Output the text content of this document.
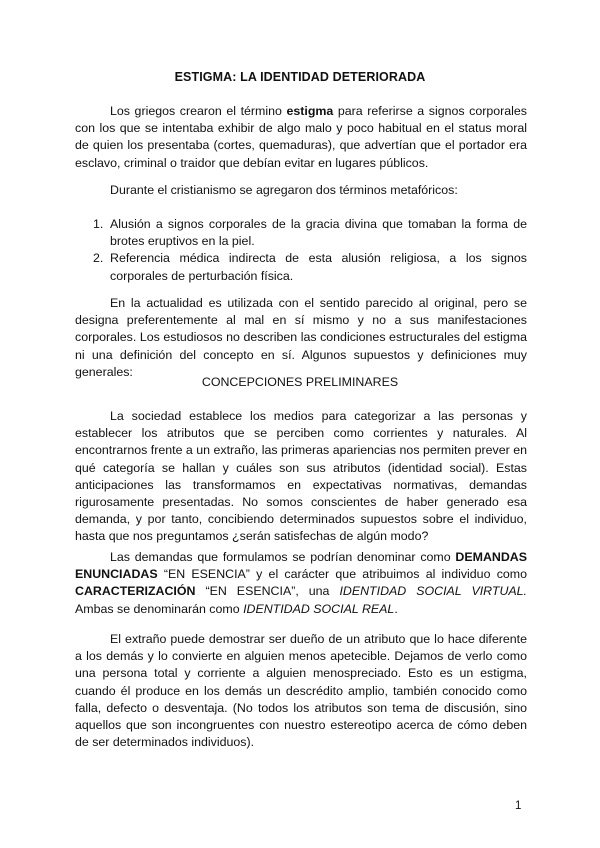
ESTIGMA: LA IDENTIDAD DETERIORADA

Los griegos crearon el término estigma para referirse a signos corporales con los que se intentaba exhibir de algo malo y poco habitual en el status moral de quien los presentaba (cortes, quemaduras), que advertían que el portador era esclavo, criminal o traidor que debían evitar en lugares públicos.

Durante el cristianismo se agregaron dos términos metafóricos:

1. Alusión a signos corporales de la gracia divina que tomaban la forma de brotes eruptivos en la piel.
2. Referencia médica indirecta de esta alusión religiosa, a los signos corporales de perturbación física.

En la actualidad es utilizada con el sentido parecido al original, pero se designa preferentemente al mal en sí mismo y no a sus manifestaciones corporales. Los estudiosos no describen las condiciones estructurales del estigma ni una definición del concepto en sí. Algunos supuestos y definiciones muy generales:

CONCEPCIONES PRELIMINARES

La sociedad establece los medios para categorizar a las personas y establecer los atributos que se perciben como corrientes y naturales. Al encontrarnos frente a un extraño, las primeras apariencias nos permiten prever en qué categoría se hallan y cuáles son sus atributos (identidad social). Estas anticipaciones las transformamos en expectativas normativas, demandas rigurosamente presentadas. No somos conscientes de haber generado esa demanda, y por tanto, concibiendo determinados supuestos sobre el individuo, hasta que nos preguntamos ¿serán satisfechas de algún modo?

Las demandas que formulamos se podrían denominar como DEMANDAS ENUNCIADAS “EN ESENCIA” y el carácter que atribuimos al individuo como CARACTERIZACIÓN “EN ESENCIA”, una IDENTIDAD SOCIAL VIRTUAL. Ambas se denominarán como IDENTIDAD SOCIAL REAL.

El extraño puede demostrar ser dueño de un atributo que lo hace diferente a los demás y lo convierte en alguien menos apetecible. Dejamos de verlo como una persona total y corriente a alguien menospreciado. Esto es un estigma, cuando él produce en los demás un descrédito amplio, también conocido como falla, defecto o desventaja. (No todos los atributos son tema de discusión, sino aquellos que son incongruentes con nuestro estereotipo acerca de cómo deben de ser determinados individuos).

1
